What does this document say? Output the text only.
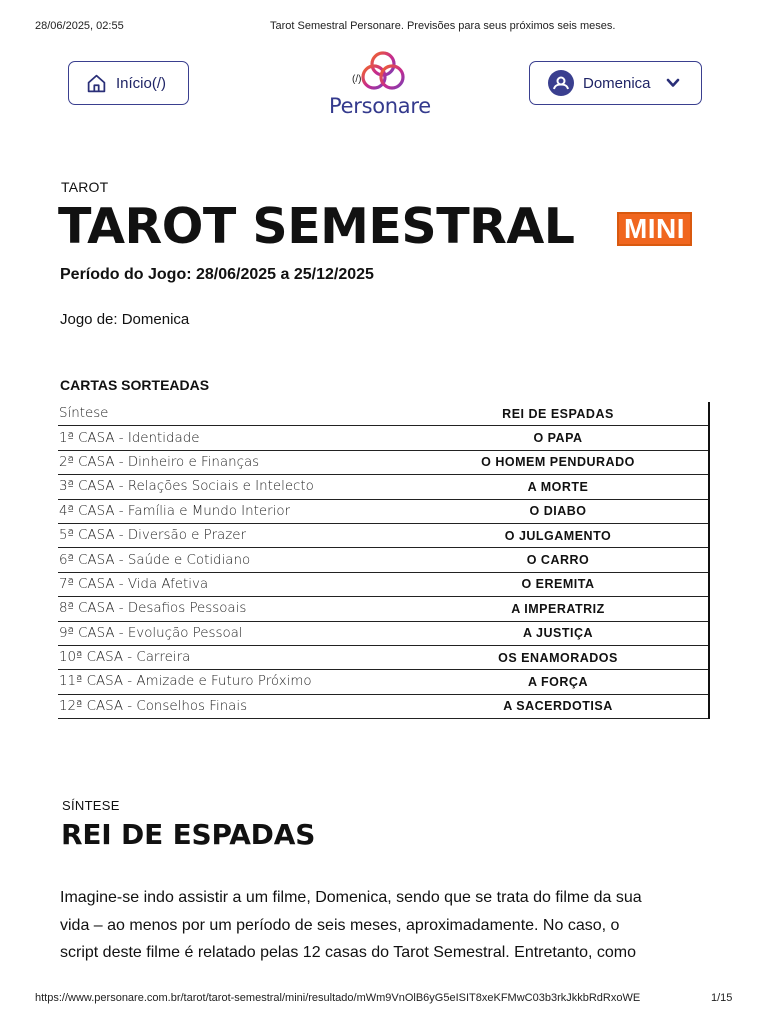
28/06/2025, 02:55	Tarot Semestral Personare. Previsões para seus próximos seis meses.
Início(/)	(/)
Personare
Domenica
TAROT
TAROT SEMESTRAL MINI
Período do Jogo: 28/06/2025 a 25/12/2025
Jogo de: Domenica
CARTAS SORTEADAS
Síntese	REI DE ESPADAS
1ª CASA - Identidade	O PAPA
2ª CASA - Dinheiro e Finanças	O HOMEM PENDURADO
3ª CASA - Relações Sociais e Intelecto	A MORTE
4ª CASA - Família e Mundo Interior	O DIABO
5ª CASA - Diversão e Prazer	O JULGAMENTO
6ª CASA - Saúde e Cotidiano	O CARRO
7ª CASA - Vida Afetiva	O EREMITA
8ª CASA - Desafios Pessoais	A IMPERATRIZ
9ª CASA - Evolução Pessoal	A JUSTIÇA
10ª CASA - Carreira	OS ENAMORADOS
11ª CASA - Amizade e Futuro Próximo	A FORÇA
12ª CASA - Conselhos Finais	A SACERDOTISA
SÍNTESE
REI DE ESPADAS
Imagine-se indo assistir a um filme, Domenica, sendo que se trata do filme da sua
vida – ao menos por um período de seis meses, aproximadamente. No caso, o
script deste filme é relatado pelas 12 casas do Tarot Semestral. Entretanto, como
https://www.personare.com.br/tarot/tarot-semestral/mini/resultado/mWm9VnOlB6yG5eISIT8xeKFMwC03b3rkJkkbRdRxoWE	1/15
